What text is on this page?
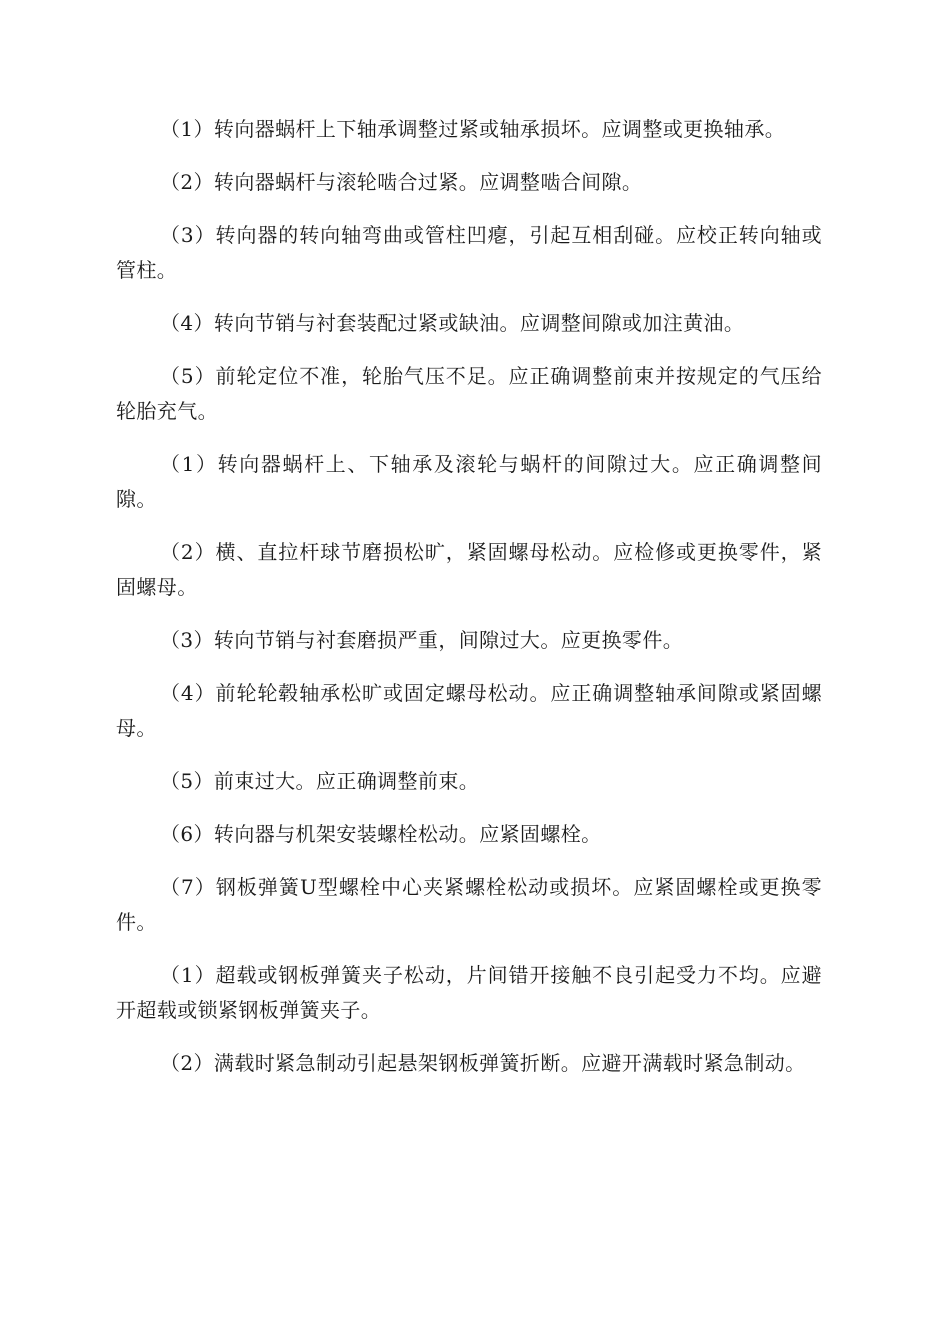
（1）转向器蜗杆上下轴承调整过紧或轴承损坏。应调整或更换轴承。

（2）转向器蜗杆与滚轮啮合过紧。应调整啮合间隙。

（3）转向器的转向轴弯曲或管柱凹瘪，引起互相刮碰。应校正转向轴或管柱。

（4）转向节销与衬套装配过紧或缺油。应调整间隙或加注黄油。

（5）前轮定位不准，轮胎气压不足。应正确调整前束并按规定的气压给轮胎充气。

（1）转向器蜗杆上、下轴承及滚轮与蜗杆的间隙过大。应正确调整间隙。

（2）横、直拉杆球节磨损松旷，紧固螺母松动。应检修或更换零件，紧固螺母。

（3）转向节销与衬套磨损严重，间隙过大。应更换零件。

（4）前轮轮毂轴承松旷或固定螺母松动。应正确调整轴承间隙或紧固螺母。

（5）前束过大。应正确调整前束。

（6）转向器与机架安装螺栓松动。应紧固螺栓。

（7）钢板弹簧U型螺栓中心夹紧螺栓松动或损坏。应紧固螺栓或更换零件。

（1）超载或钢板弹簧夹子松动，片间错开接触不良引起受力不均。应避开超载或锁紧钢板弹簧夹子。

（2）满载时紧急制动引起悬架钢板弹簧折断。应避开满载时紧急制动。
